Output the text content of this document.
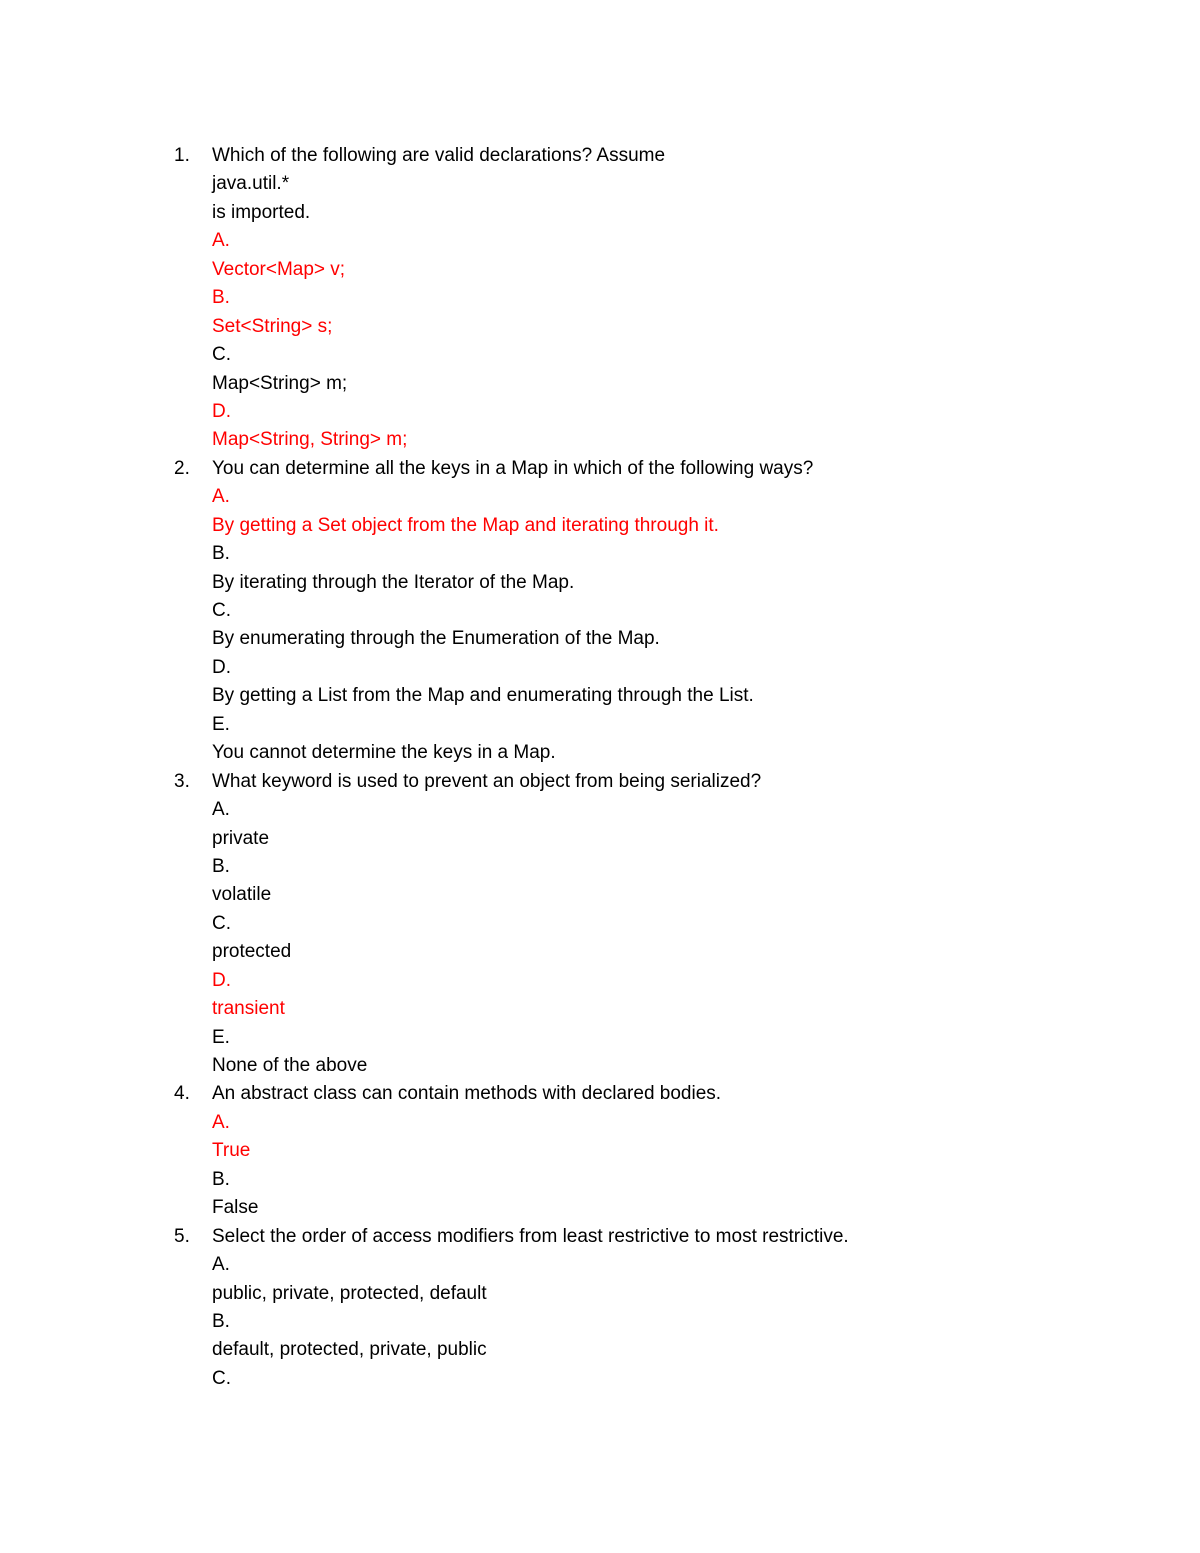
1. Which of the following are valid declarations? Assume
java.util.*
is imported.
A.
Vector<Map> v;
B.
Set<String> s;
C.
Map<String> m;
D.
Map<String, String> m;
2. You can determine all the keys in a Map in which of the following ways?
A.
By getting a Set object from the Map and iterating through it.
B.
By iterating through the Iterator of the Map.
C.
By enumerating through the Enumeration of the Map.
D.
By getting a List from the Map and enumerating through the List.
E.
You cannot determine the keys in a Map.
3. What keyword is used to prevent an object from being serialized?
A.
private
B.
volatile
C.
protected
D.
transient
E.
None of the above
4. An abstract class can contain methods with declared bodies.
A.
True
B.
False
5. Select the order of access modifiers from least restrictive to most restrictive.
A.
public, private, protected, default
B.
default, protected, private, public
C.
